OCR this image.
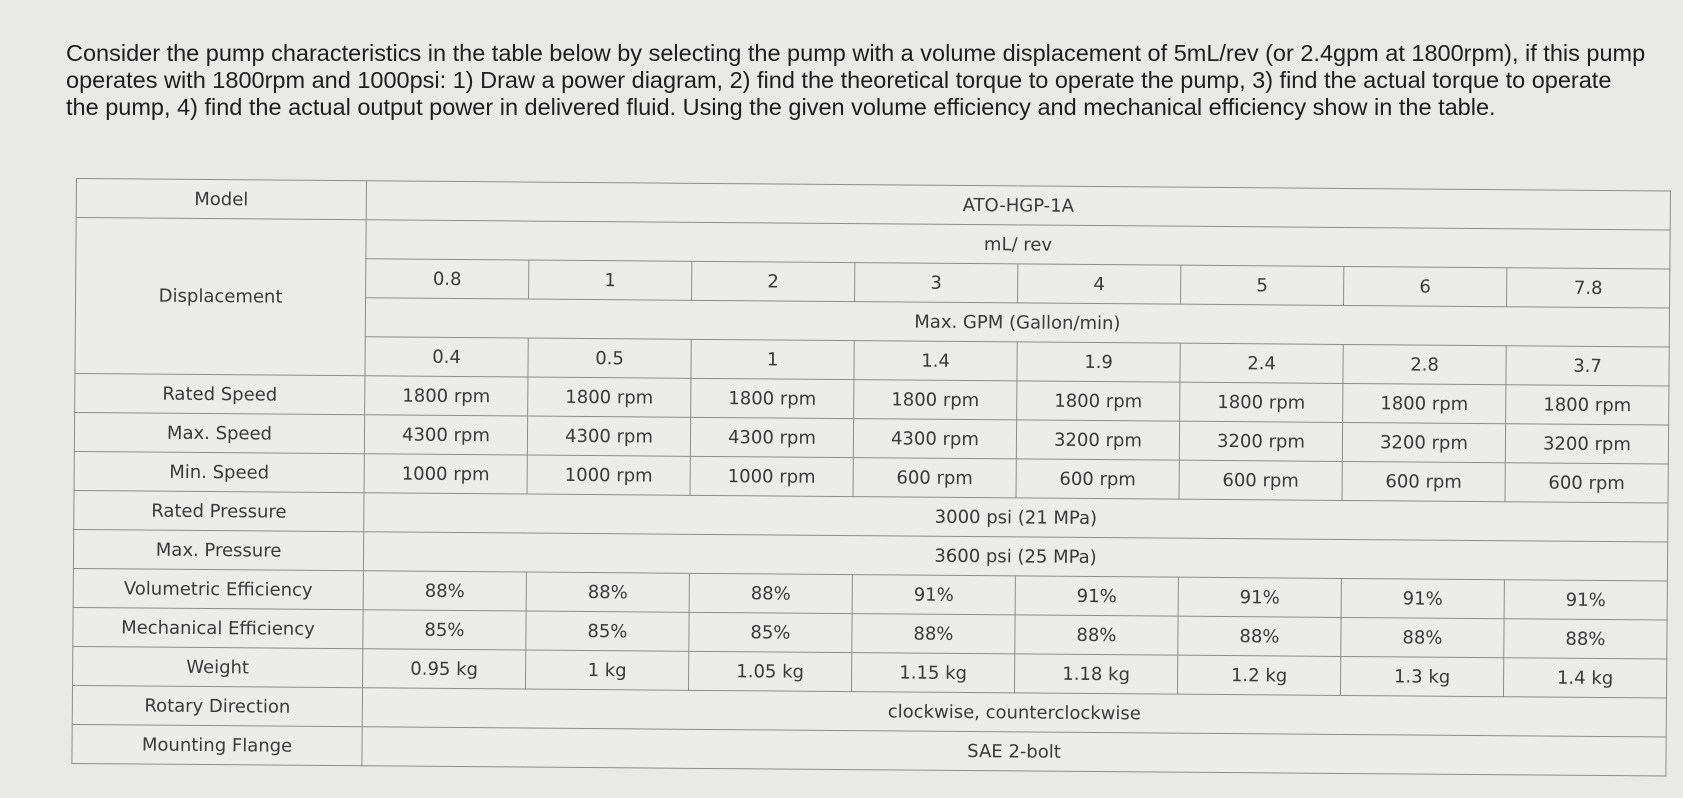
Consider the pump characteristics in the table below by selecting the pump with a volume displacement of 5mL/rev (or 2.4gpm at 1800rpm), if this pump operates with 1800rpm and 1000psi: 1) Draw a power diagram, 2) find the theoretical torque to operate the pump, 3) find the actual torque to operate the pump, 4) find the actual output power in delivered fluid. Using the given volume efficiency and mechanical efficiency show in the table.

Model	ATO-HGP-1A							
Displacement	mL/ rev							
	0.8	1	2	3	4	5	6	7.8
	Max. GPM (Gallon/min)							
	0.4	0.5	1	1.4	1.9	2.4	2.8	3.7
Rated Speed	1800 rpm	1800 rpm	1800 rpm	1800 rpm	1800 rpm	1800 rpm	1800 rpm	1800 rpm
Max. Speed	4300 rpm	4300 rpm	4300 rpm	4300 rpm	3200 rpm	3200 rpm	3200 rpm	3200 rpm
Min. Speed	1000 rpm	1000 rpm	1000 rpm	600 rpm	600 rpm	600 rpm	600 rpm	600 rpm
Rated Pressure	3000 psi (21 MPa)							
Max. Pressure	3600 psi (25 MPa)							
Volumetric Efficiency	88%	88%	88%	91%	91%	91%	91%	91%
Mechanical Efficiency	85%	85%	85%	88%	88%	88%	88%	88%
Weight	0.95 kg	1 kg	1.05 kg	1.15 kg	1.18 kg	1.2 kg	1.3 kg	1.4 kg
Rotary Direction	clockwise, counterclockwise							
Mounting Flange	SAE 2-bolt							
